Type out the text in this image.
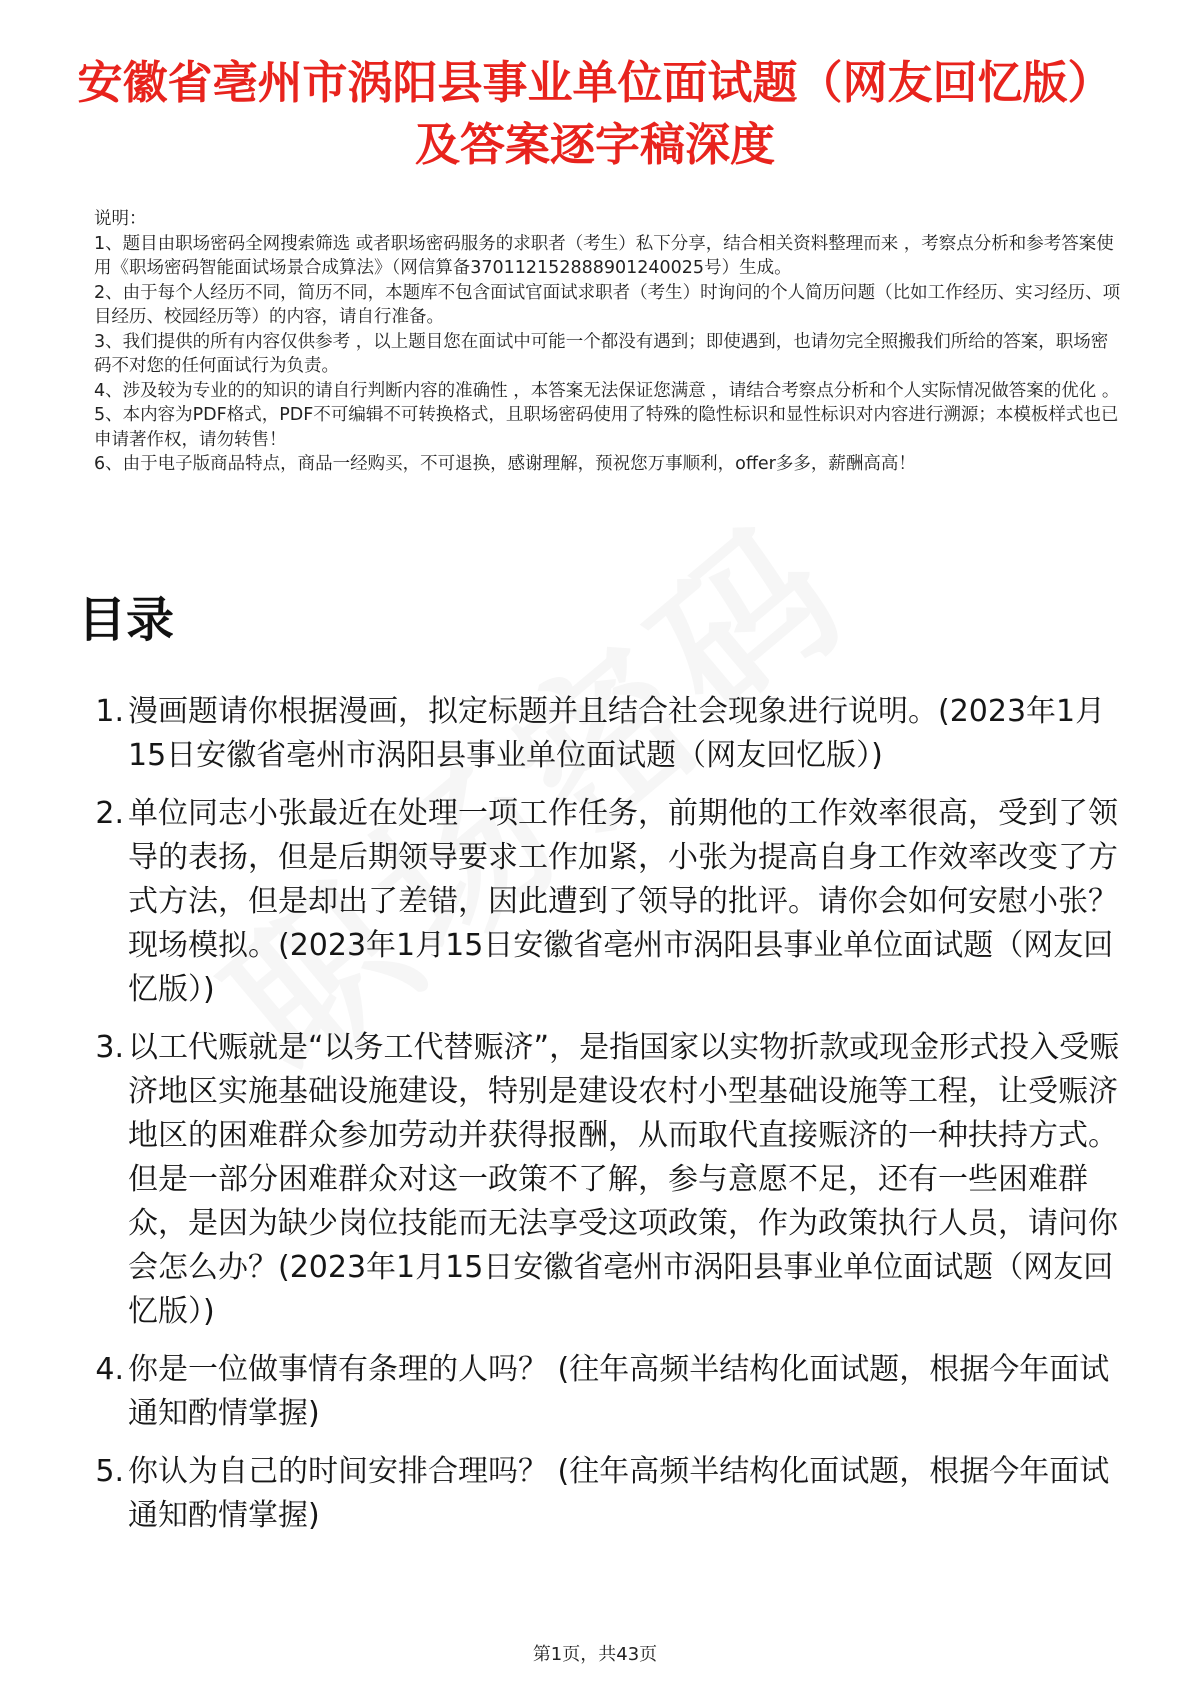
安徽省亳州市涡阳县事业单位面试题（网友回忆版）及答案逐字稿深度

说明：

1、题目由职场密码全网搜索筛选 或者职场密码服务的求职者（考生）私下分享，结合相关资料整理而来 ，考察点分析和参考答案使用《职场密码智能面试场景合成算法》（网信算备370112152888901240025号）生成。

2、由于每个人经历不同，简历不同，本题库不包含面试官面试求职者（考生）时询问的个人简历问题（比如工作经历、实习经历、项目经历、校园经历等）的内容，请自行准备。

3、我们提供的所有内容仅供参考 ，以上题目您在面试中可能一个都没有遇到；即使遇到，也请勿完全照搬我们所给的答案，职场密码不对您的任何面试行为负责。

4、涉及较为专业的的知识的请自行判断内容的准确性 ，本答案无法保证您满意 ，请结合考察点分析和个人实际情况做答案的优化 。

5、本内容为PDF格式，PDF不可编辑不可转换格式，且职场密码使用了特殊的隐性标识和显性标识对内容进行溯源；本模板样式也已申请著作权，请勿转售！

6、由于电子版商品特点，商品一经购买，不可退换，感谢理解，预祝您万事顺利，offer多多，薪酬高高！

目录
1. 漫画题请你根据漫画，拟定标题并且结合社会现象进行说明。(2023年1月15日安徽省亳州市涡阳县事业单位面试题（网友回忆版）)
2. 单位同志小张最近在处理一项工作任务，前期他的工作效率很高，受到了领导的表扬，但是后期领导要求工作加紧，小张为提高自身工作效率改变了方式方法，但是却出了差错，因此遭到了领导的批评。请你会如何安慰小张？现场模拟。(2023年1月15日安徽省亳州市涡阳县事业单位面试题（网友回忆版）)
3. 以工代赈就是“以务工代替赈济”，是指国家以实物折款或现金形式投入受赈济地区实施基础设施建设，特别是建设农村小型基础设施等工程，让受赈济地区的困难群众参加劳动并获得报酬，从而取代直接赈济的一种扶持方式。但是一部分困难群众对这一政策不了解，参与意愿不足，还有一些困难群众，是因为缺少岗位技能而无法享受这项政策，作为政策执行人员，请问你会怎么办？(2023年1月15日安徽省亳州市涡阳县事业单位面试题（网友回忆版）)
4. 你是一位做事情有条理的人吗？ (往年高频半结构化面试题，根据今年面试通知酌情掌握)
5. 你认为自己的时间安排合理吗？ (往年高频半结构化面试题，根据今年面试通知酌情掌握)
第1页，共43页
